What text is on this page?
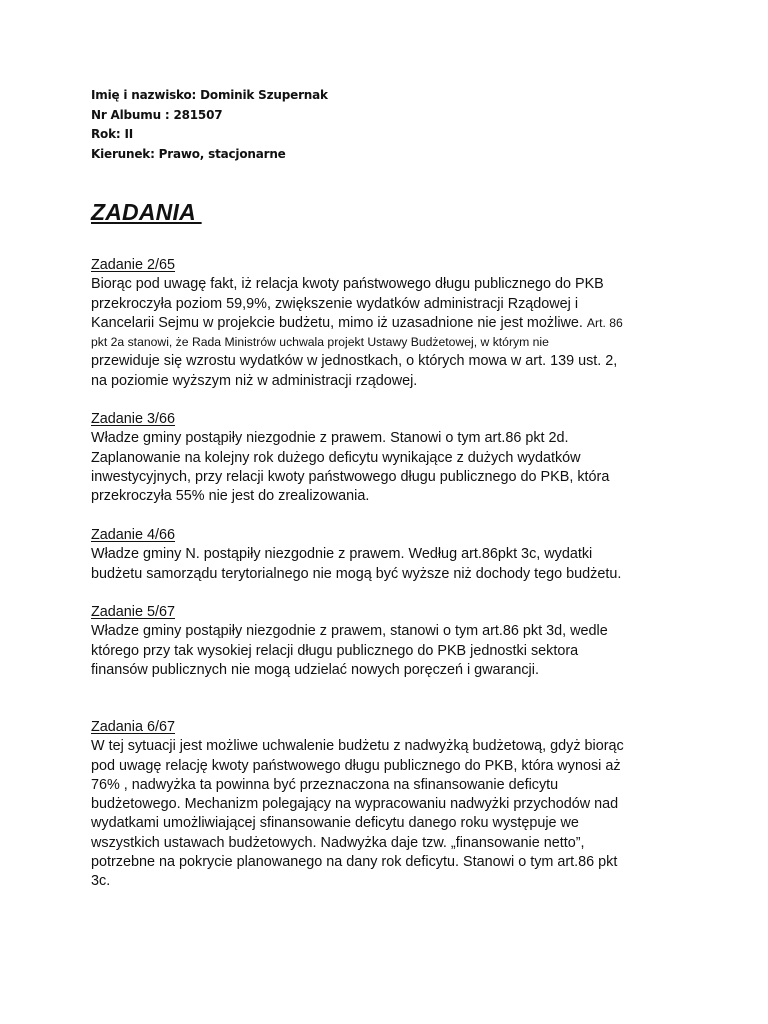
Imię i nazwisko: Dominik Szupernak
Nr Albumu : 281507
Rok: II
Kierunek: Prawo, stacjonarne
ZADANIA
Zadanie 2/65
Biorąc pod uwagę fakt, iż relacja kwoty państwowego długu publicznego do PKB
przekroczyła poziom 59,9%, zwiększenie wydatków administracji Rządowej i
Kancelarii Sejmu w projekcie budżetu, mimo iż uzasadnione nie jest możliwe. Art. 86
pkt 2a stanowi, że Rada Ministrów uchwala projekt Ustawy Budżetowej, w którym nie
przewiduje się wzrostu wydatków w jednostkach, o których mowa w art. 139 ust. 2,
na poziomie wyższym niż w administracji rządowej.
Zadanie 3/66
Władze gminy postąpiły niezgodnie z prawem. Stanowi o tym art.86 pkt 2d.
Zaplanowanie na kolejny rok dużego deficytu wynikające z dużych wydatków
inwestycyjnych, przy relacji kwoty państwowego długu publicznego do PKB, która
przekroczyła 55% nie jest do zrealizowania.
Zadanie 4/66
Władze gminy N. postąpiły niezgodnie z prawem. Według art.86pkt 3c, wydatki
budżetu samorządu terytorialnego nie mogą być wyższe niż dochody tego budżetu.
Zadanie 5/67
Władze gminy postąpiły niezgodnie z prawem, stanowi o tym art.86 pkt 3d, wedle
którego przy tak wysokiej relacji długu publicznego do PKB jednostki sektora
finansów publicznych nie mogą udzielać nowych poręczeń i gwarancji.
Zadania 6/67
W tej sytuacji jest możliwe uchwalenie budżetu z nadwyżką budżetową, gdyż biorąc
pod uwagę relację kwoty państwowego długu publicznego do PKB, która wynosi aż
76% , nadwyżka ta powinna być przeznaczona na sfinansowanie deficytu
budżetowego. Mechanizm polegający na wypracowaniu nadwyżki przychodów nad
wydatkami umożliwiającej sfinansowanie deficytu danego roku występuje we
wszystkich ustawach budżetowych. Nadwyżka daje tzw. „finansowanie netto”,
potrzebne na pokrycie planowanego na dany rok deficytu. Stanowi o tym art.86 pkt
3c.
